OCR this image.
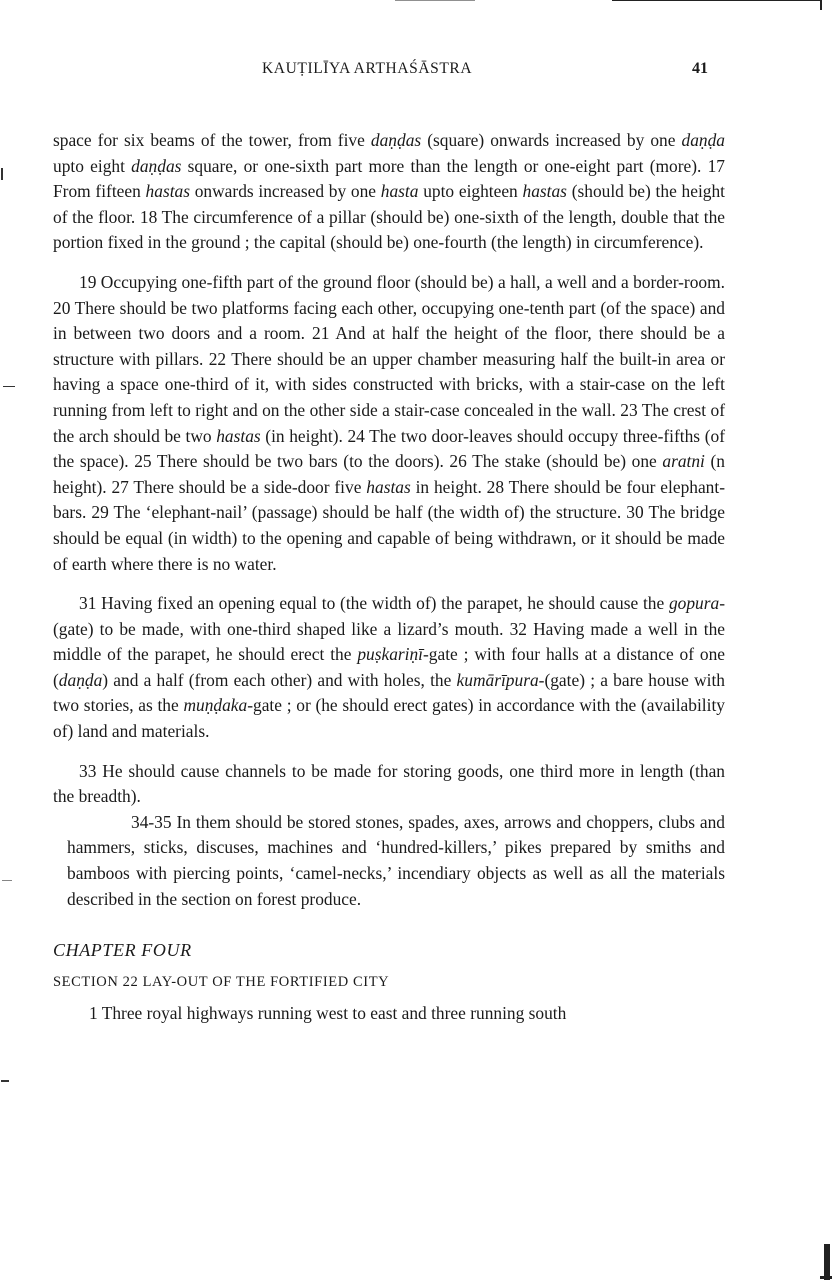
KAUṬILĪYA ARTHAŚĀSTRA	41

space for six beams of the tower, from five daṇḍas (square) onwards increased by one daṇḍa upto eight daṇḍas square, or one-sixth part more than the length or one-eight part (more). 17 From fifteen hastas onwards increased by one hasta upto eighteen hastas (should be) the height of the floor. 18 The circumference of a pillar (should be) one-sixth of the length, double that the portion fixed in the ground ; the capital (should be) one-fourth (the length) in circumference).

19 Occupying one-fifth part of the ground floor (should be) a hall, a well and a border-room. 20 There should be two platforms facing each other, occupying one-tenth part (of the space) and in between two doors and a room. 21 And at half the height of the floor, there should be a structure with pillars. 22 There should be an upper chamber measuring half the built-in area or having a space one-third of it, with sides constructed with bricks, with a stair-case on the left running from left to right and on the other side a stair-case concealed in the wall. 23 The crest of the arch should be two hastas (in height). 24 The two door-leaves should occupy three-fifths (of the space). 25 There should be two bars (to the doors). 26 The stake (should be) one aratni (n height). 27 There should be a side-door five hastas in height. 28 There should be four elephant-bars. 29 The ‘elephant-nail’ (passage) should be half (the width of) the structure. 30 The bridge should be equal (in width) to the opening and capable of being withdrawn, or it should be made of earth where there is no water.

31 Having fixed an opening equal to (the width of) the parapet, he should cause the gopura-(gate) to be made, with one-third shaped like a lizard’s mouth. 32 Having made a well in the middle of the parapet, he should erect the puṣkariṇī-gate ; with four halls at a distance of one (daṇḍa) and a half (from each other) and with holes, the kumārīpura-(gate) ; a bare house with two stories, as the muṇḍaka-gate ; or (he should erect gates) in accordance with the (availability of) land and materials.

33 He should cause channels to be made for storing goods, one third more in length (than the breadth).

34-35 In them should be stored stones, spades, axes, arrows and choppers, clubs and hammers, sticks, discuses, machines and ‘hundred-killers,’ pikes prepared by smiths and bamboos with piercing points, ‘camel-necks,’ incendiary objects as well as all the materials described in the section on forest produce.

CHAPTER FOUR

SECTION 22 LAY-OUT OF THE FORTIFIED CITY

1 Three royal highways running west to east and three running south
